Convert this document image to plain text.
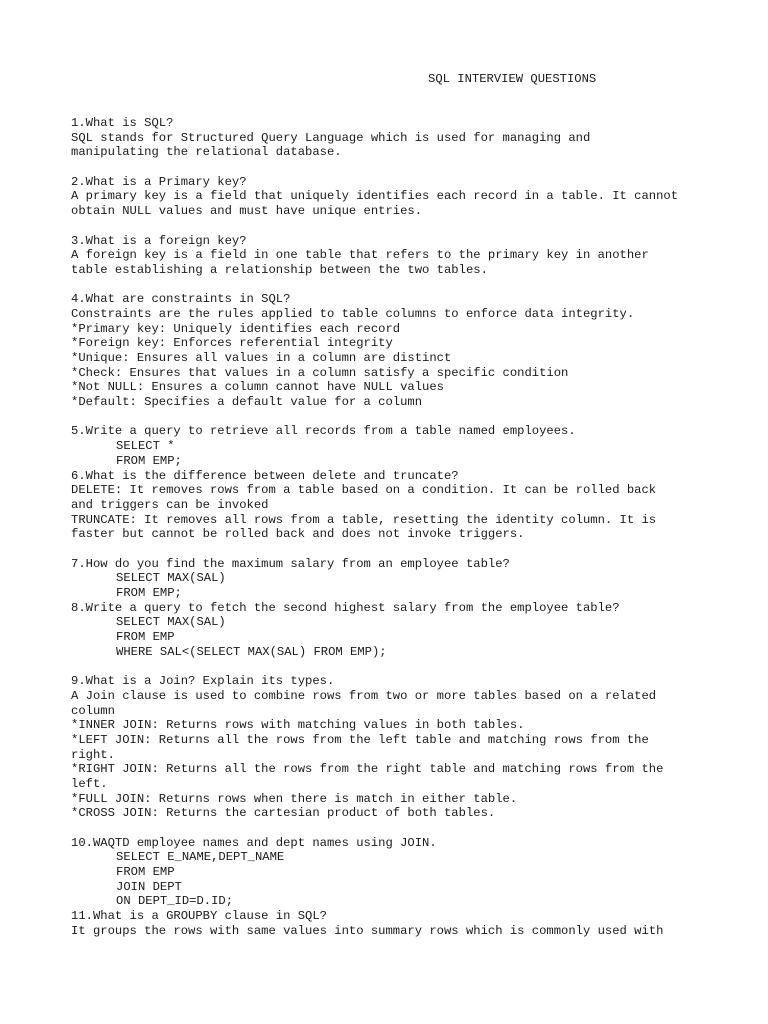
SQL INTERVIEW QUESTIONS
1.What is SQL?
SQL stands for Structured Query Language which is used for managing and
manipulating the relational database.
2.What is a Primary key?
A primary key is a field that uniquely identifies each record in a table. It cannot
obtain NULL values and must have unique entries.
3.What is a foreign key?
A foreign key is a field in one table that refers to the primary key in another
table establishing a relationship between the two tables.
4.What are constraints in SQL?
Constraints are the rules applied to table columns to enforce data integrity.
*Primary key: Uniquely identifies each record
*Foreign key: Enforces referential integrity
*Unique: Ensures all values in a column are distinct
*Check: Ensures that values in a column satisfy a specific condition
*Not NULL: Ensures a column cannot have NULL values
*Default: Specifies a default value for a column
5.Write a query to retrieve all records from a table named employees.
SELECT *
FROM EMP;
6.What is the difference between delete and truncate?
DELETE: It removes rows from a table based on a condition. It can be rolled back
and triggers can be invoked
TRUNCATE: It removes all rows from a table, resetting the identity column. It is
faster but cannot be rolled back and does not invoke triggers.
7.How do you find the maximum salary from an employee table?
SELECT MAX(SAL)
FROM EMP;
8.Write a query to fetch the second highest salary from the employee table?
SELECT MAX(SAL)
FROM EMP
WHERE SAL<(SELECT MAX(SAL) FROM EMP);
9.What is a Join? Explain its types.
A Join clause is used to combine rows from two or more tables based on a related
column
*INNER JOIN: Returns rows with matching values in both tables.
*LEFT JOIN: Returns all the rows from the left table and matching rows from the
right.
*RIGHT JOIN: Returns all the rows from the right table and matching rows from the
left.
*FULL JOIN: Returns rows when there is match in either table.
*CROSS JOIN: Returns the cartesian product of both tables.
10.WAQTD employee names and dept names using JOIN.
SELECT E_NAME,DEPT_NAME
FROM EMP
JOIN DEPT
ON DEPT_ID=D.ID;
11.What is a GROUPBY clause in SQL?
It groups the rows with same values into summary rows which is commonly used with
